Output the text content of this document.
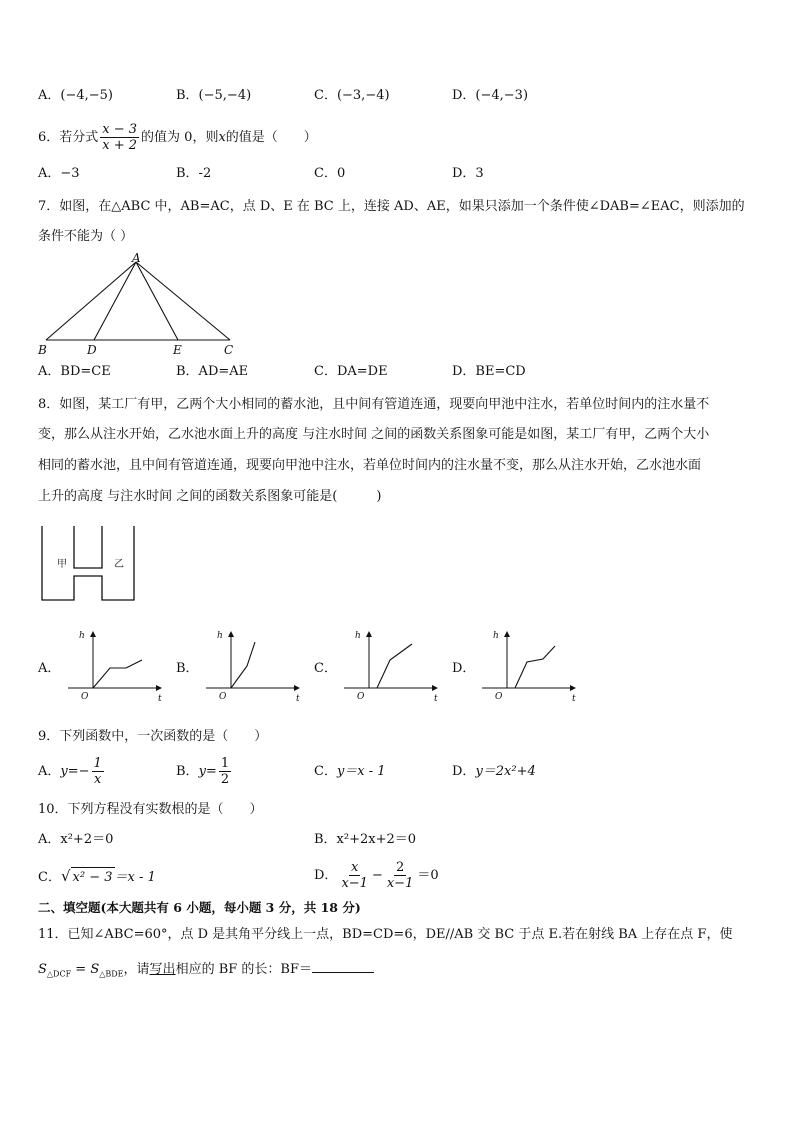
A．(−4,−5)	B．(−5,−4)	C．(−3,−4)	D．(−4,−3)
6．若分式 $\frac{x - 3}{x + 2}$ 的值为 0，则x的值是（　　）
A．−3	B．-2	C．0	D．3
7．如图，在△ABC 中，AB=AC，点 D、E 在 BC 上，连接 AD、AE，如果只添加一个条件使∠DAB=∠EAC，则添加的
条件不能为（ ）
A
B	D	E	C
A．BD=CE	B．AD=AE	C．DA=DE	D．BE=CD
8．如图，某工厂有甲，乙两个大小相同的蓄水池，且中间有管道连通，现要向甲池中注水，若单位时间内的注水量不
变，那么从注水开始，乙水池水面上升的高度 与注水时间 之间的函数关系图象可能是如图，某工厂有甲，乙两个大小
相同的蓄水池，且中间有管道连通，现要向甲池中注水，若单位时间内的注水量不变，那么从注水开始，乙水池水面
上升的高度 与注水时间 之间的函数关系图象可能是(　　　)
甲	乙
A．
h
t
O
B．
h
t
O
C．
h
t
O
D．
h
t
O
9．下列函数中，一次函数的是（　　）
A．$y=- \frac{1}{x}$	B．$y= \frac{1}{2}$	C．y＝x - 1	D．y＝2x²+4
10．下列方程没有实数根的是（　　）
A．x²+2＝0	B．x²+2x+2＝0
C．√ x² − 3 ＝x - 1	D． $\frac{x}{x-1} - \frac{2}{x-1} =0$
二、填空题(本大题共有 6 小题，每小题 3 分，共 18 分)
11．已知∠ABC=60°，点 D 是其角平分线上一点，BD=CD=6，DE//AB 交 BC 于点 E.若在射线 BA 上存在点 F，使
$S_{\triangle DCF} = S_{\triangle BDE}$，请写出相应的 BF 的长：BF＝
